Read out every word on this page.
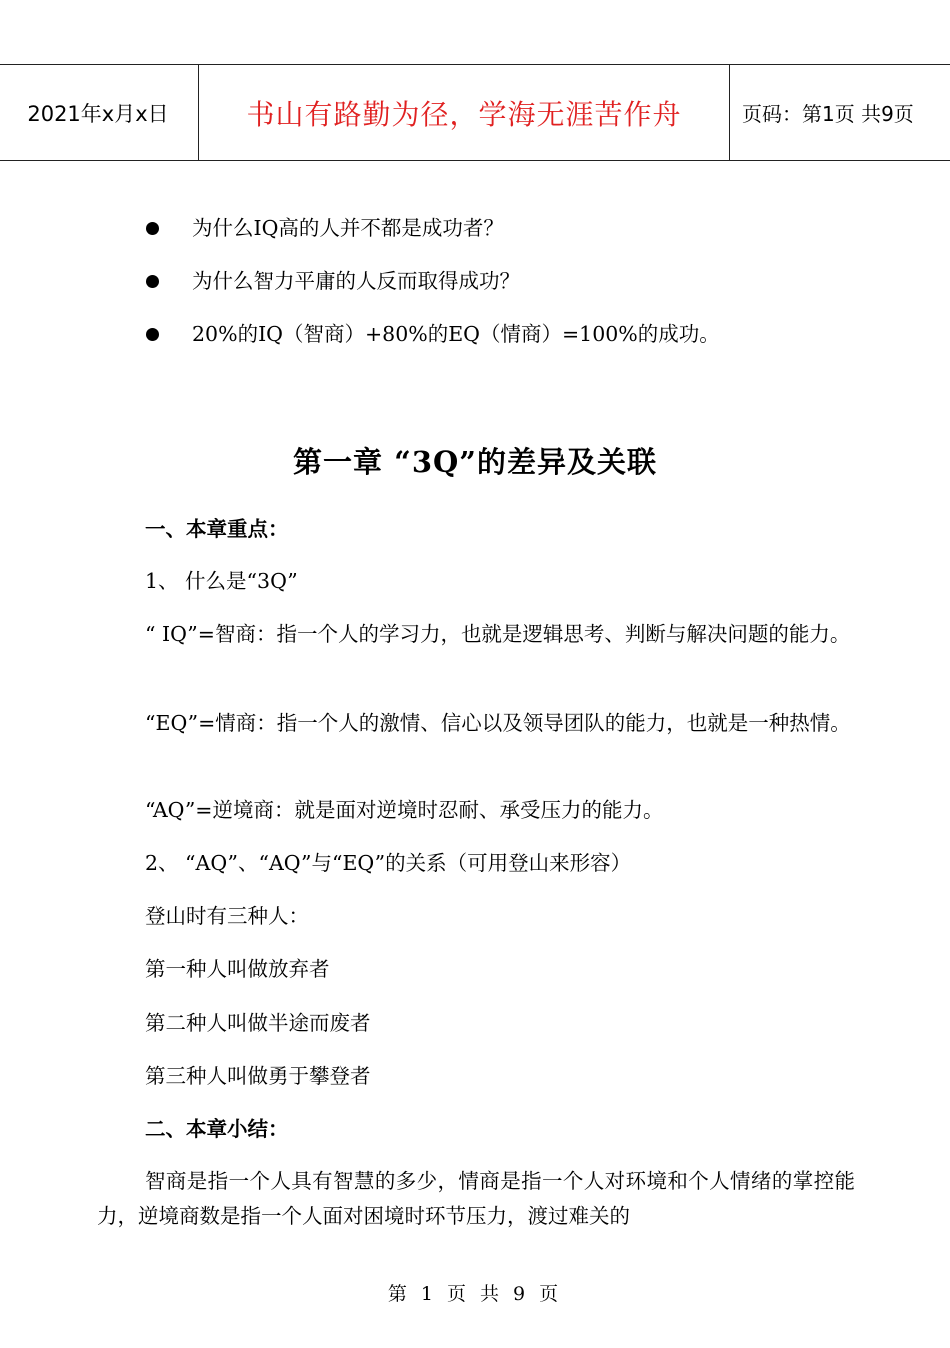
2021年x月x日	书山有路勤为径，学海无涯苦作舟	页码：第1页 共9页
为什么IQ高的人并不都是成功者？
为什么智力平庸的人反而取得成功？
20%的IQ（智商）+80%的EQ（情商）=100%的成功。
第一章 “3Q”的差异及关联
一、本章重点：
1、 什么是“3Q”
“ IQ”=智商：指一个人的学习力，也就是逻辑思考、判断与解决问题的能力。
“EQ”=情商：指一个人的激情、信心以及领导团队的能力，也就是一种热情。
“AQ”=逆境商：就是面对逆境时忍耐、承受压力的能力。
2、 “AQ”、“AQ”与“EQ”的关系（可用登山来形容）
登山时有三种人：
第一种人叫做放弃者
第二种人叫做半途而废者
第三种人叫做勇于攀登者
二、本章小结：
智商是指一个人具有智慧的多少，情商是指一个人对环境和个人情绪的掌控能力，逆境商数是指一个人面对困境时环节压力，渡过难关的
第 1 页 共 9 页
